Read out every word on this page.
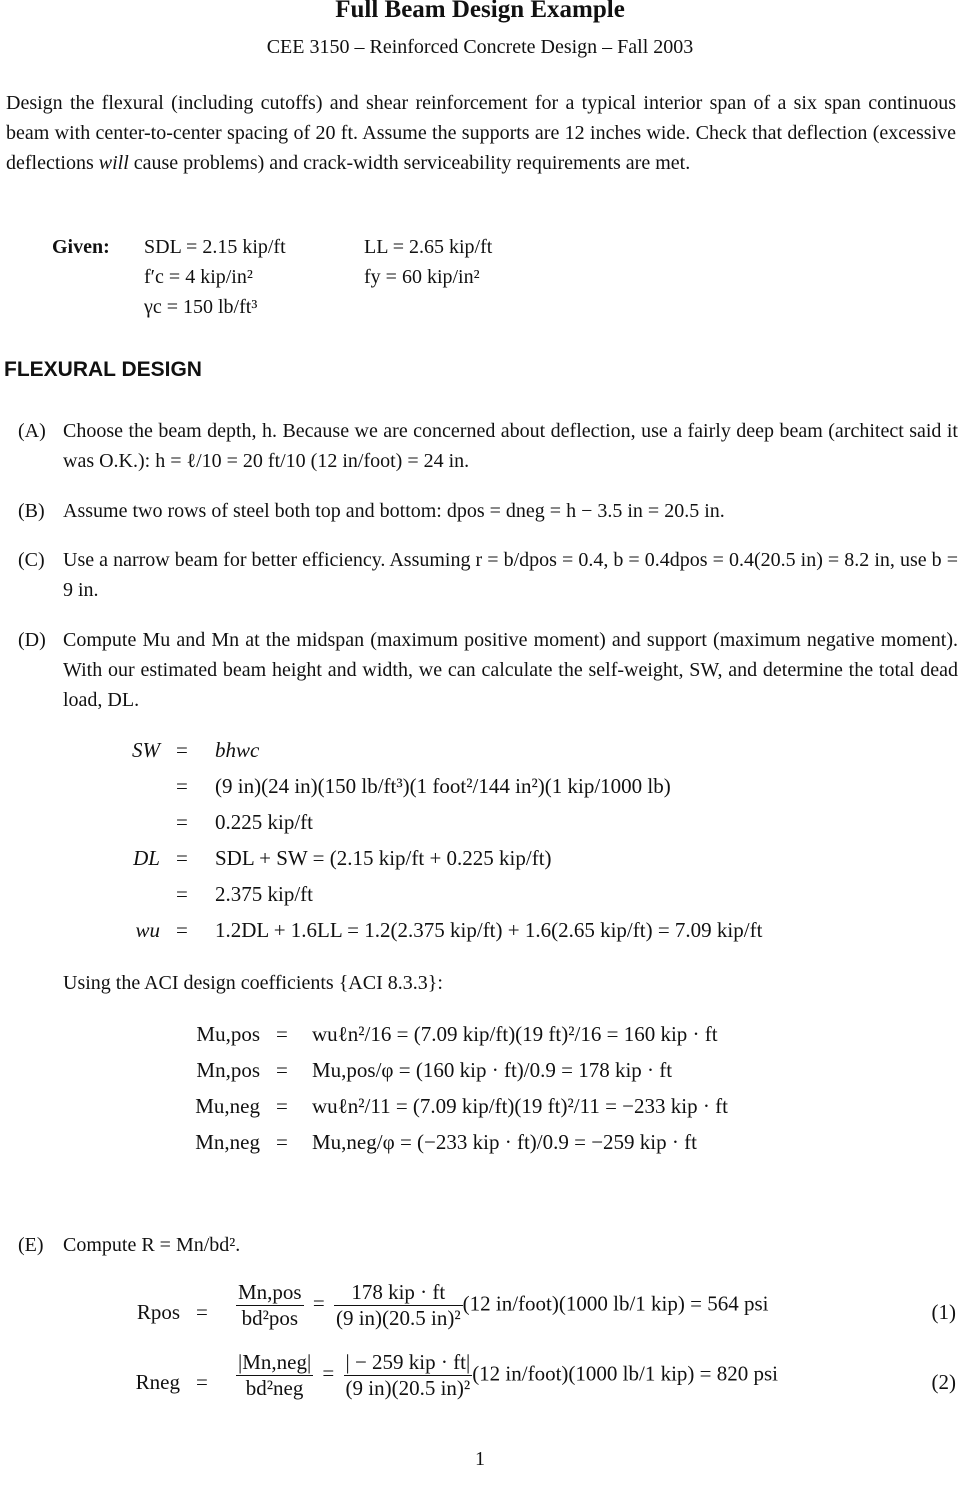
Full Beam Design Example
CEE 3150 – Reinforced Concrete Design – Fall 2003
Design the flexural (including cutoffs) and shear reinforcement for a typical interior span of a six span continuous beam with center-to-center spacing of 20 ft. Assume the supports are 12 inches wide. Check that deflection (excessive deflections will cause problems) and crack-width serviceability requirements are met.
Given: SDL = 2.15 kip/ft	LL = 2.65 kip/ft
f′c = 4 kip/in²	fy = 60 kip/in²
γc = 150 lb/ft³
FLEXURAL DESIGN
(A) Choose the beam depth, h. Because we are concerned about deflection, use a fairly deep beam (architect said it was O.K.): h = ℓ/10 = 20 ft/10 (12 in/foot) = 24 in.
(B) Assume two rows of steel both top and bottom: dpos = dneg = h − 3.5 in = 20.5 in.
(C) Use a narrow beam for better efficiency. Assuming r = b/dpos = 0.4, b = 0.4dpos = 0.4(20.5 in) = 8.2 in, use b = 9 in.
(D) Compute Mu and Mn at the midspan (maximum positive moment) and support (maximum negative moment). With our estimated beam height and width, we can calculate the self-weight, SW, and determine the total dead load, DL.
SW = bhwc
= (9 in)(24 in)(150 lb/ft³)(1 foot²/144 in²)(1 kip/1000 lb)
= 0.225 kip/ft
DL = SDL + SW = (2.15 kip/ft + 0.225 kip/ft)
= 2.375 kip/ft
wu = 1.2DL + 1.6LL = 1.2(2.375 kip/ft) + 1.6(2.65 kip/ft) = 7.09 kip/ft
Using the ACI design coefficients {ACI 8.3.3}:
Mu,pos = wuℓn²/16 = (7.09 kip/ft)(19 ft)²/16 = 160 kip · ft
Mn,pos = Mu,pos/φ = (160 kip · ft)/0.9 = 178 kip · ft
Mu,neg = wuℓn²/11 = (7.09 kip/ft)(19 ft)²/11 = −233 kip · ft
Mn,neg = Mu,neg/φ = (−233 kip · ft)/0.9 = −259 kip · ft
(E) Compute R = Mn/bd².
Rpos = $\frac{\text{Mn,pos}}{\text{bd²pos}} = \frac{\text{178 kip · ft}}{\text{(9 in)(20.5 in)²}} (12$ in/foot)(1000 lb/1 kip) = 564 psi	(1)
Rneg = $\frac{\text{|Mn,neg|}}{\text{bd²neg}} = \frac{\text{| − 259 kip · ft|}}{\text{(9 in)(20.5 in)²}} (12$ in/foot)(1000 lb/1 kip) = 820 psi	(2)
1
